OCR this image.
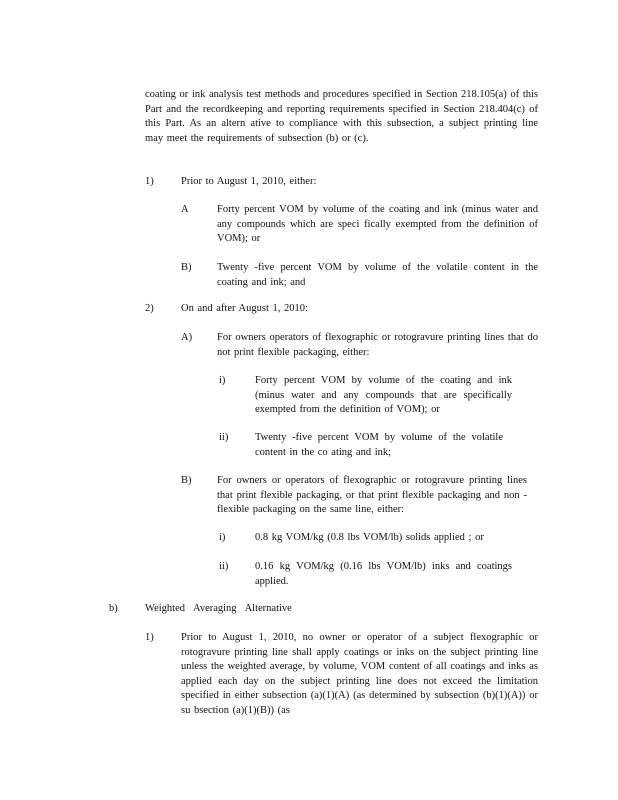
coating or ink analysis test methods and procedures specified in Section 218.105(a) of this Part and the recordkeeping and reporting requirements specified in Section 218.404(c) of this Part. As an altern ative to compliance with this subsection, a subject printing line may meet the requirements of subsection (b) or (c).

1)	Prior to August 1, 2010, either:

A	Forty percent VOM by volume of the coating and ink (minus water and any compounds which are speci fically exempted from the definition of VOM); or

B) Twenty -five percent VOM by volume of the volatile content in the coating and ink; and

2)	On and after August 1, 2010:

A) For owners operators of flexographic or rotogravure printing lines that do not print flexible packaging, either:

i)	Forty percent VOM by volume of the coating and ink (minus water and any compounds that are specifically exempted from the definition of VOM); or

ii)	Twenty -five percent VOM by volume of the volatile content in the co ating and ink;

B) For owners or operators of flexographic or rotogravure printing lines that print flexible packaging, or that print flexible packaging and non -flexible packaging on the same line, either:

i)	0.8 kg VOM/kg (0.8 lbs VOM/lb) solids applied ; or

ii)	0.16 kg VOM/kg (0.16 lbs VOM/lb) inks and coatings applied.

b)	Weighted Averaging Alternative

1)	Prior to August 1, 2010, no owner or operator of a subject flexographic or rotogravure printing line shall apply coatings or inks on the subject printing line unless the weighted average, by volume, VOM content of all coatings and inks as applied each day on the subject printing line does not exceed the limitation specified in either subsection (a)(1)(A) (as determined by subsection (b)(1)(A)) or su bsection (a)(1)(B)) (as
